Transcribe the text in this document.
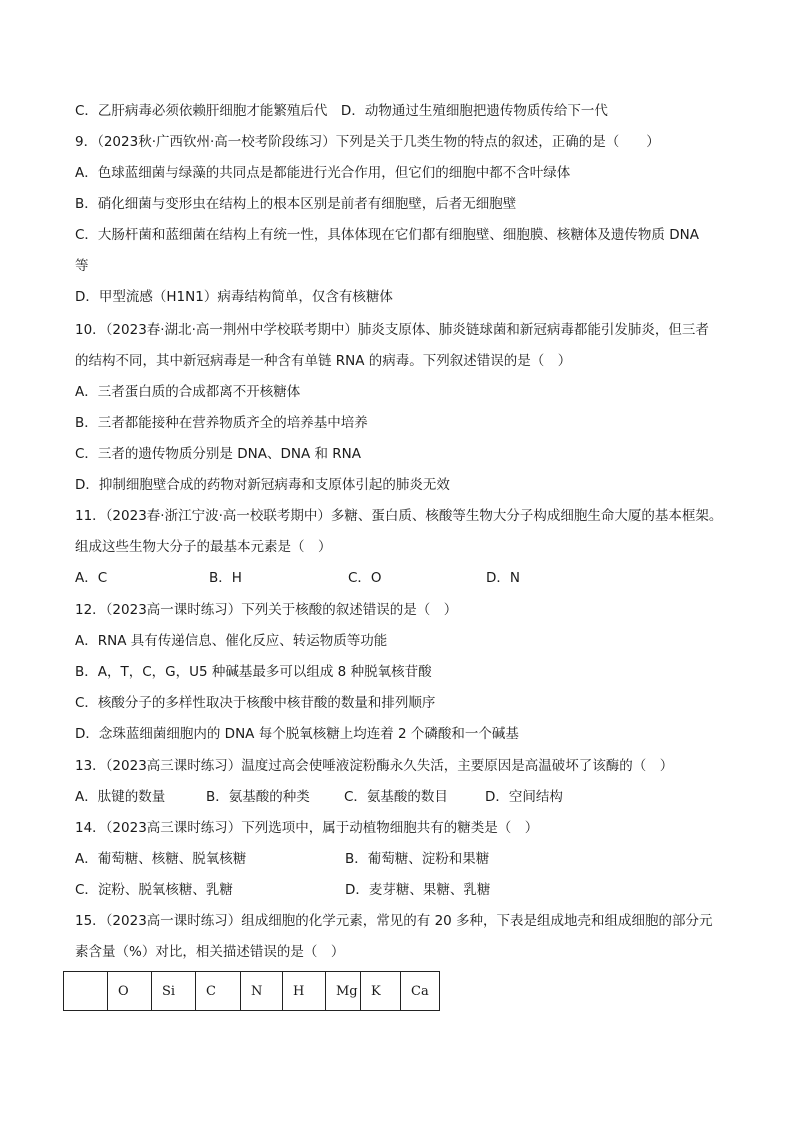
C．乙肝病毒必须依赖肝细胞才能繁殖后代　D．动物通过生殖细胞把遗传物质传给下一代
9．（2023秋·广西钦州·高一校考阶段练习）下列是关于几类生物的特点的叙述，正确的是（　　）
A．色球蓝细菌与绿藻的共同点是都能进行光合作用，但它们的细胞中都不含叶绿体
B．硝化细菌与变形虫在结构上的根本区别是前者有细胞壁，后者无细胞壁
C．大肠杆菌和蓝细菌在结构上有统一性，具体体现在它们都有细胞壁、细胞膜、核糖体及遗传物质 DNA
等
D．甲型流感（H1N1）病毒结构简单，仅含有核糖体
10．（2023春·湖北·高一荆州中学校联考期中）肺炎支原体、肺炎链球菌和新冠病毒都能引发肺炎，但三者
的结构不同，其中新冠病毒是一种含有单链 RNA 的病毒。下列叙述错误的是（　）
A．三者蛋白质的合成都离不开核糖体
B．三者都能接种在营养物质齐全的培养基中培养
C．三者的遗传物质分别是 DNA、DNA 和 RNA
D．抑制细胞壁合成的药物对新冠病毒和支原体引起的肺炎无效
11．（2023春·浙江宁波·高一校联考期中）多糖、蛋白质、核酸等生物大分子构成细胞生命大厦的基本框架。
组成这些生物大分子的最基本元素是（　）
A．C	B．H	C．O	D．N
12．（2023高一课时练习）下列关于核酸的叙述错误的是（　）
A．RNA 具有传递信息、催化反应、转运物质等功能
B．A，T，C，G，U5 种碱基最多可以组成 8 种脱氧核苷酸
C．核酸分子的多样性取决于核酸中核苷酸的数量和排列顺序
D．念珠蓝细菌细胞内的 DNA 每个脱氧核糖上均连着 2 个磷酸和一个碱基
13．（2023高三课时练习）温度过高会使唾液淀粉酶永久失活，主要原因是高温破坏了该酶的（　）
A．肽键的数量	B．氨基酸的种类	C．氨基酸的数目	D．空间结构
14．（2023高三课时练习）下列选项中，属于动植物细胞共有的糖类是（　）
A．葡萄糖、核糖、脱氧核糖	B．葡萄糖、淀粉和果糖
C．淀粉、脱氧核糖、乳糖	D．麦芽糖、果糖、乳糖
15．（2023高一课时练习）组成细胞的化学元素，常见的有 20 多种，下表是组成地壳和组成细胞的部分元
素含量（%）对比，相关描述错误的是（　）
	O	Si	C	N	H	Mg	K	Ca
